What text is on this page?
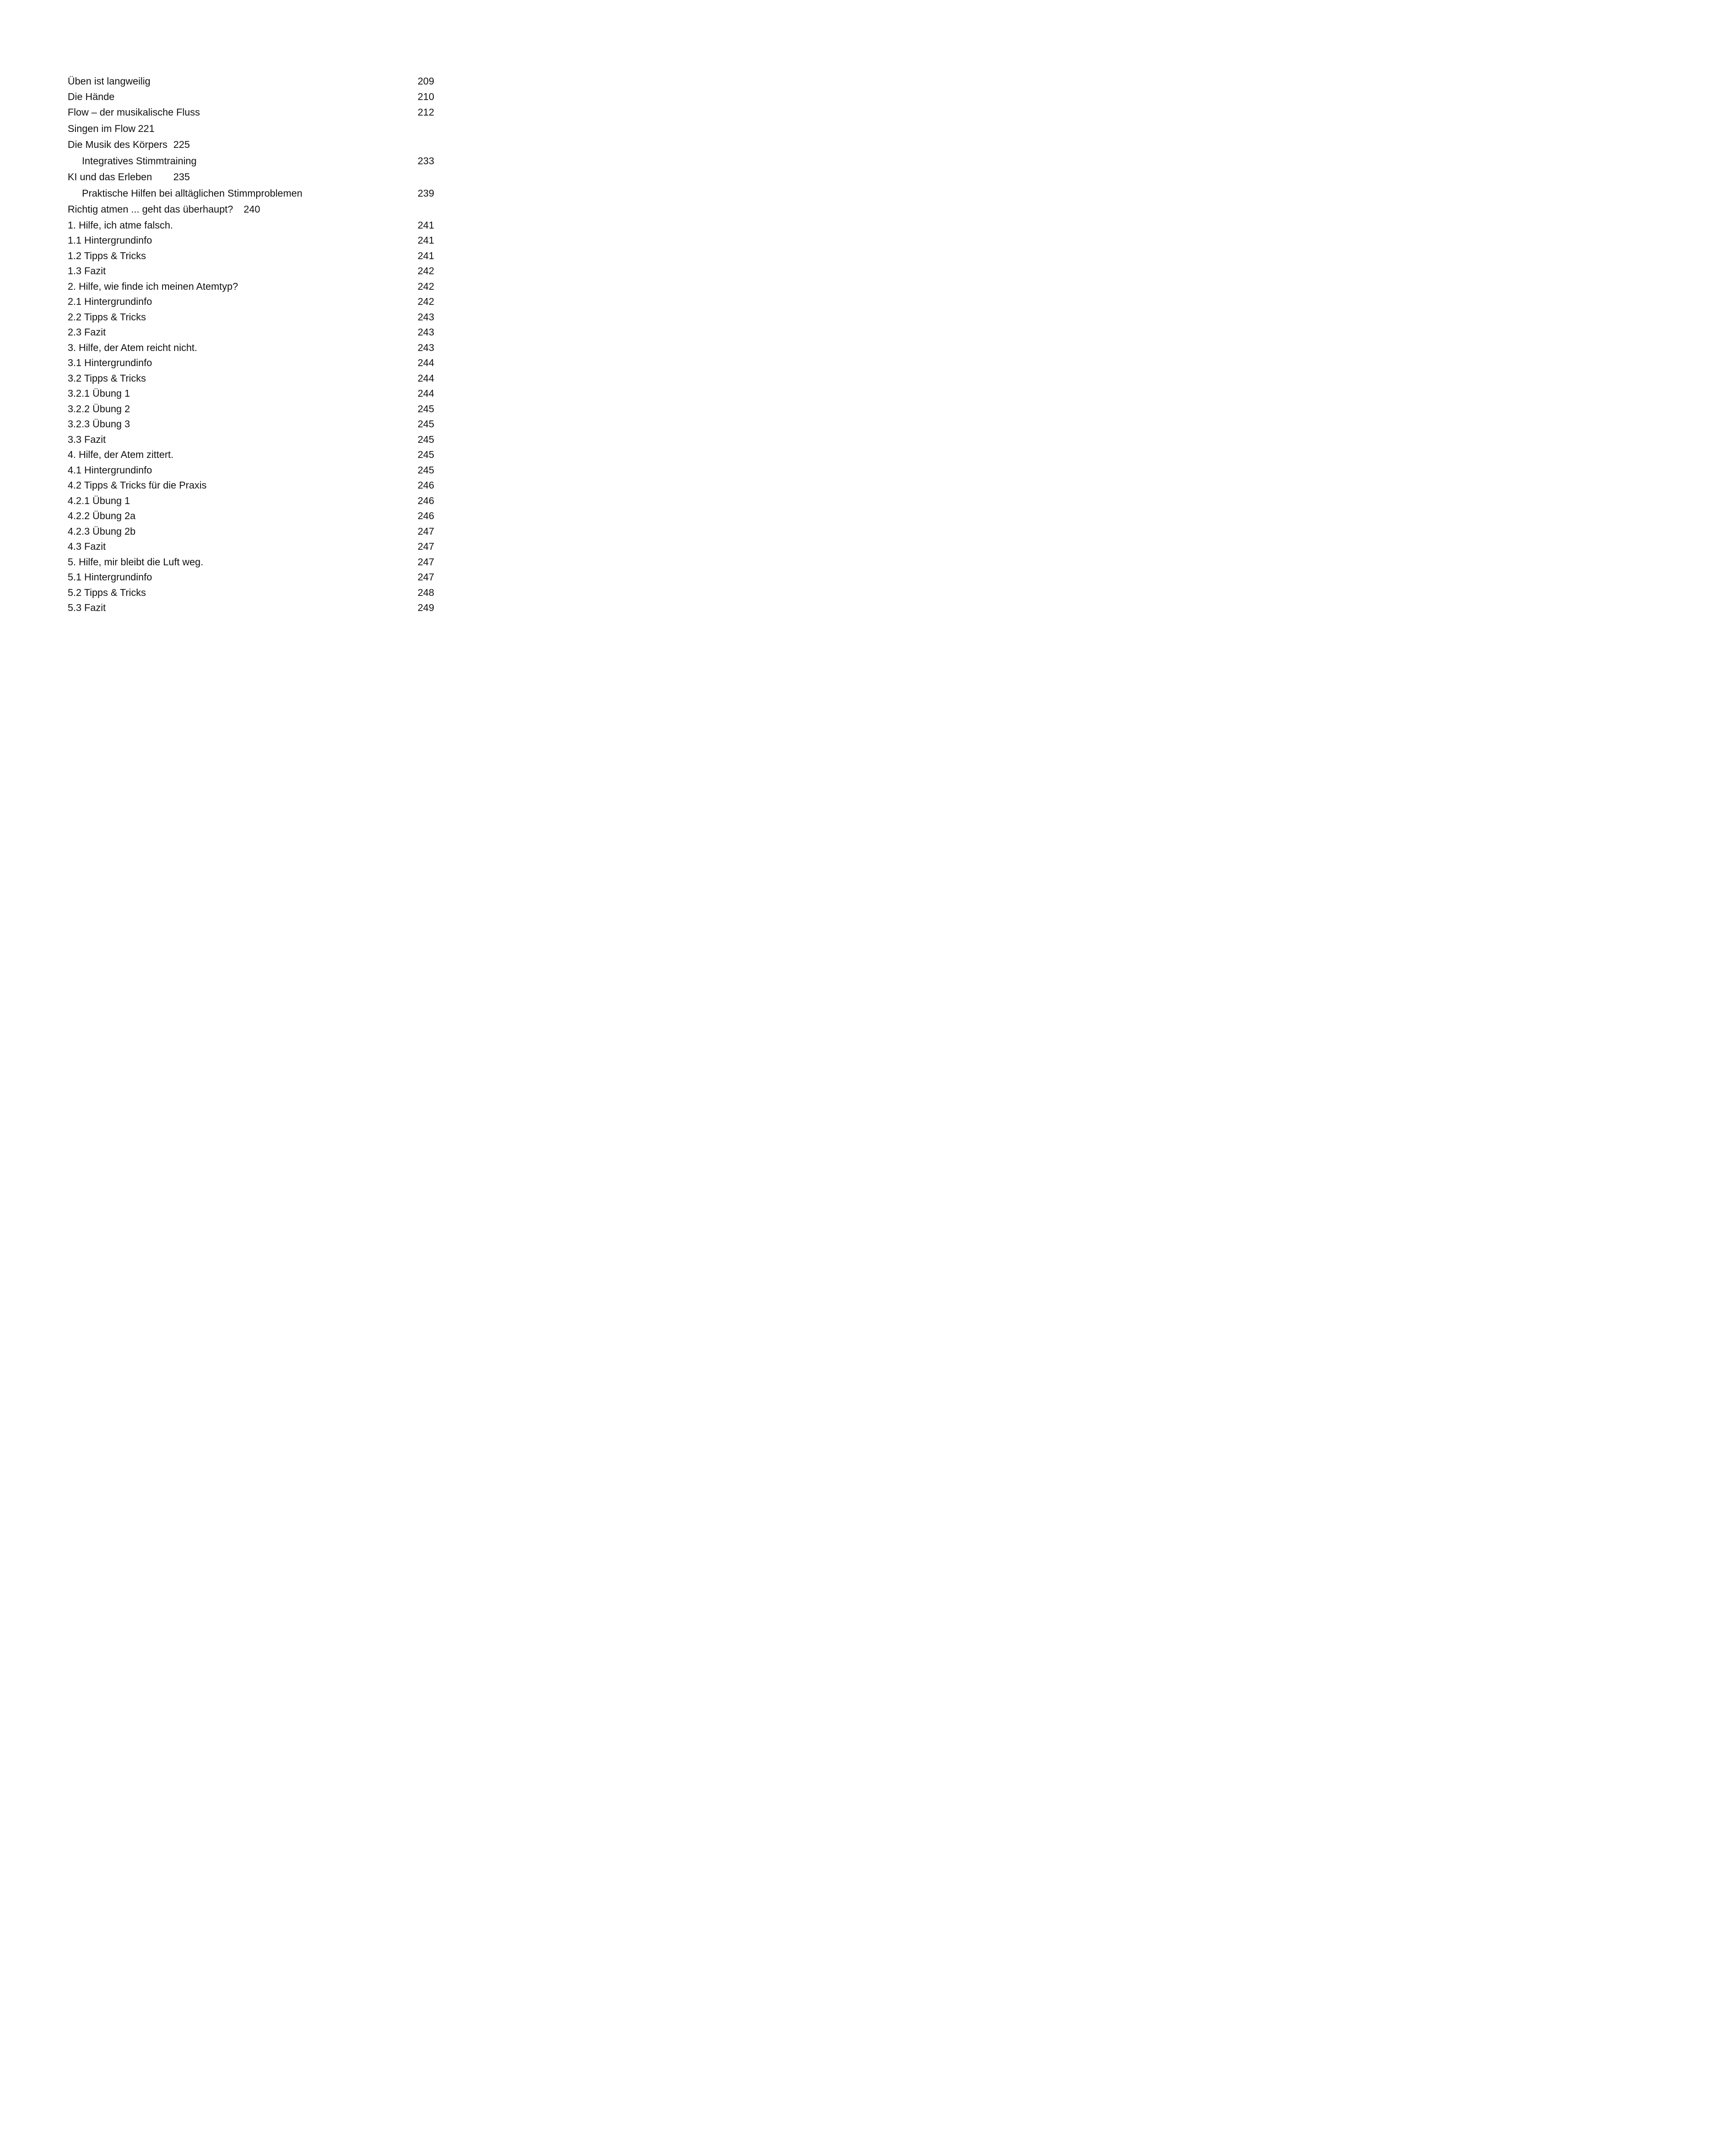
Üben ist langweilig	209
Die Hände	210
Flow – der musikalische Fluss	212
Singen im Flow 221
Die Musik des Körpers 225
Integratives Stimmtraining	233
KI und das Erleben 235
Praktische Hilfen bei alltäglichen Stimmproblemen	239
Richtig atmen ... geht das überhaupt? 240
1. Hilfe, ich atme falsch.	241
1.1 Hintergrundinfo	241
1.2 Tipps & Tricks	241
1.3 Fazit	242
2. Hilfe, wie finde ich meinen Atemtyp?	242
2.1 Hintergrundinfo	242
2.2 Tipps & Tricks	243
2.3 Fazit	243
3. Hilfe, der Atem reicht nicht.	243
3.1 Hintergrundinfo	244
3.2 Tipps & Tricks	244
3.2.1 Übung 1	244
3.2.2 Übung 2	245
3.2.3 Übung 3	245
3.3 Fazit	245
4. Hilfe, der Atem zittert.	245
4.1 Hintergrundinfo	245
4.2 Tipps & Tricks für die Praxis	246
4.2.1 Übung 1	246
4.2.2 Übung 2a	246
4.2.3 Übung 2b	247
4.3 Fazit	247
5. Hilfe, mir bleibt die Luft weg.	247
5.1 Hintergrundinfo	247
5.2 Tipps & Tricks	248
5.3 Fazit	249
